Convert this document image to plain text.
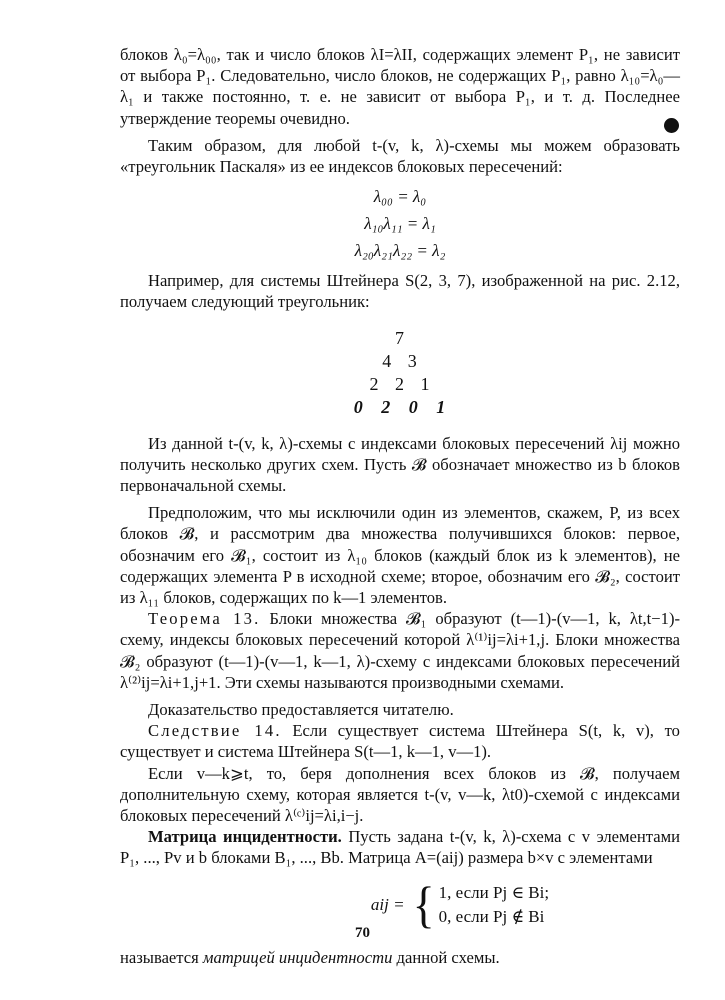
блоков λ₀=λ₀₀, так и число блоков λI=λII, содержащих элемент P₁, не зависит от выбора P₁. Следовательно, число блоков, не содержащих P₁, равно λ₁₀=λ₀—λ₁ и также постоянно, т. е. не зависит от выбора P₁, и т. д. Последнее утверждение теоремы очевидно.

Таким образом, для любой t-(v, k, λ)-схемы мы можем образовать «треугольник Паскаля» из ее индексов блоковых пересечений:

λ₀₀ = λ₀
λ₁₀λ₁₁ = λ₁
λ₂₀λ₂₁λ₂₂ = λ₂

Например, для системы Штейнера S(2, 3, 7), изображенной на рис. 2.12, получаем следующий треугольник:

7
4 3
2 2 1
0 2 0 1

Из данной t-(v, k, λ)-схемы с индексами блоковых пересечений λij можно получить несколько других схем. Пусть 𝓑 обозначает множество из b блоков первоначальной схемы.

Предположим, что мы исключили один из элементов, скажем, P, из всех блоков 𝓑, и рассмотрим два множества получившихся блоков: первое, обозначим его 𝓑₁, состоит из λ₁₀ блоков (каждый блок из k элементов), не содержащих элемента P в исходной схеме; второе, обозначим его 𝓑₂, состоит из λ₁₁ блоков, содержащих по k—1 элементов.

Теорема 13. Блоки множества 𝓑₁ образуют (t—1)-(v—1, k, λt,t−1)-схему, индексы блоковых пересечений которой λ⁽¹⁾ij=λi+1,j. Блоки множества 𝓑₂ образуют (t—1)-(v—1, k—1, λ)-схему с индексами блоковых пересечений λ⁽²⁾ij=λi+1,j+1. Эти схемы называются производными схемами.

Доказательство предоставляется читателю.

Следствие 14. Если существует система Штейнера S(t, k, v), то существует и система Штейнера S(t—1, k—1, v—1).

Если v—k⩾t, то, беря дополнения всех блоков из 𝓑, получаем дополнительную схему, которая является t-(v, v—k, λt0)-схемой с индексами блоковых пересечений λ⁽ᶜ⁾ij=λi,i−j.

Матрица инцидентности. Пусть задана t-(v, k, λ)-схема с v элементами P₁, ..., Pv и b блоками B₁, ..., Bb. Матрица A=(aij) размера b×v с элементами

aij = { 1, если Pj ∈ Bi;
0, если Pj ∉ Bi

называется матрицей инцидентности данной схемы.

70
